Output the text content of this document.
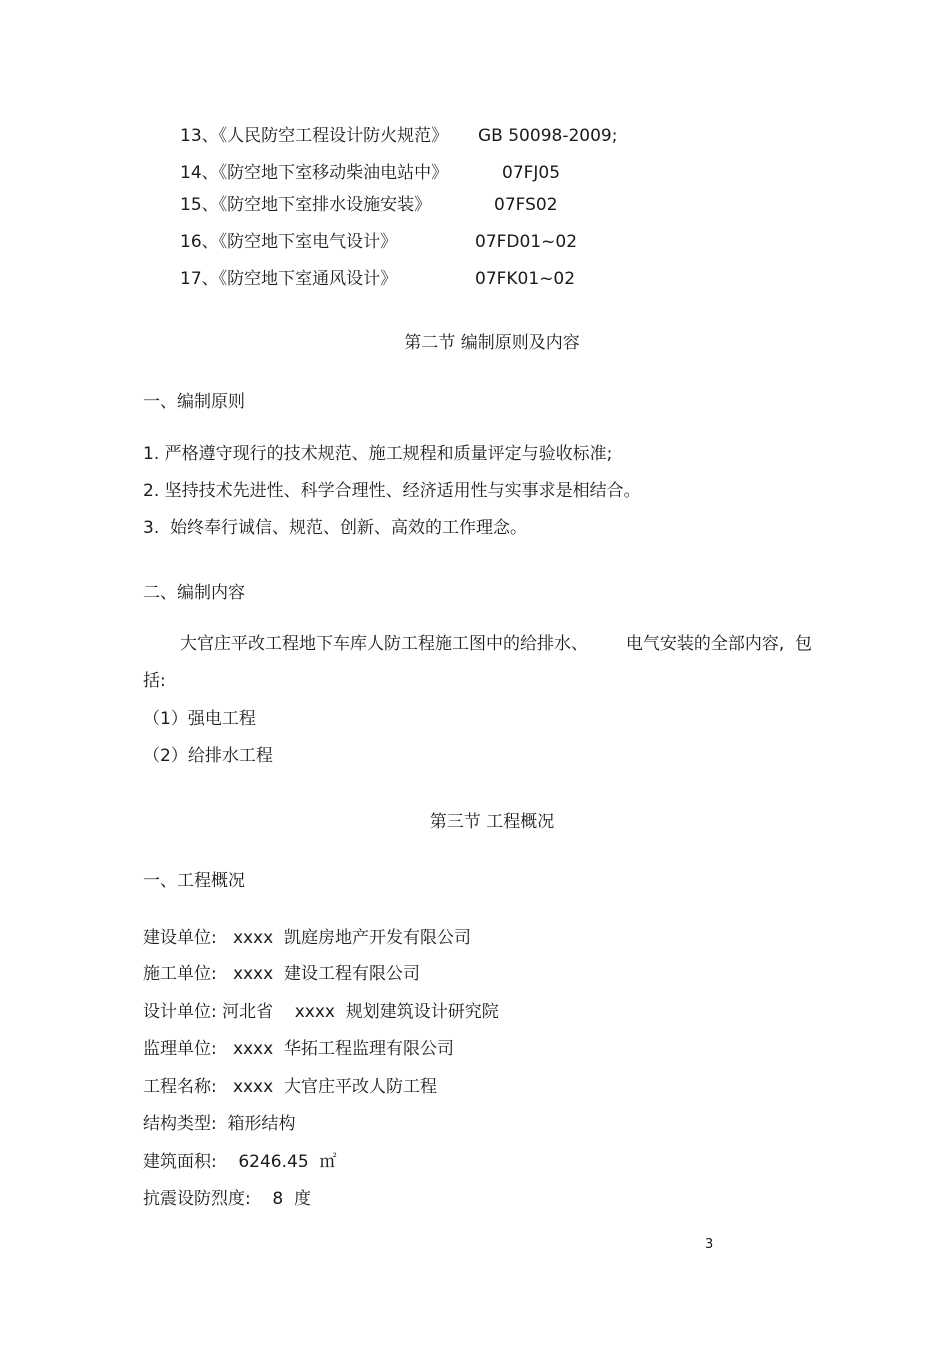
13、《人民防空工程设计防火规范》 GB 50098-2009;
14、《防空地下室移动柴油电站中》	07FJ05
15、《防空地下室排水设施安装》	07FS02
16、《防空地下室电气设计》	07FD01~02
17、《防空地下室通风设计》	07FK01~02
第二节 编制原则及内容
一、编制原则
1. 严格遵守现行的技术规范、施工规程和质量评定与验收标准;
2. 坚持技术先进性、科学合理性、经济适用性与实事求是相结合。
3.  始终奉行诚信、规范、创新、高效的工作理念。
二、编制内容
大官庄平改工程地下车库人防工程施工图中的给排水、       电气安装的全部内容,  包
括:
（1）强电工程
（2）给排水工程
第三节 工程概况
一、工程概况
建设单位:   xxxx  凯庭房地产开发有限公司
施工单位:   xxxx  建设工程有限公司
设计单位: 河北省    xxxx  规划建筑设计研究院
监理单位:   xxxx  华拓工程监理有限公司
工程名称:   xxxx  大官庄平改人防工程
结构类型:  箱形结构
建筑面积:    6246.45  ㎡
抗震设防烈度:    8  度
3
